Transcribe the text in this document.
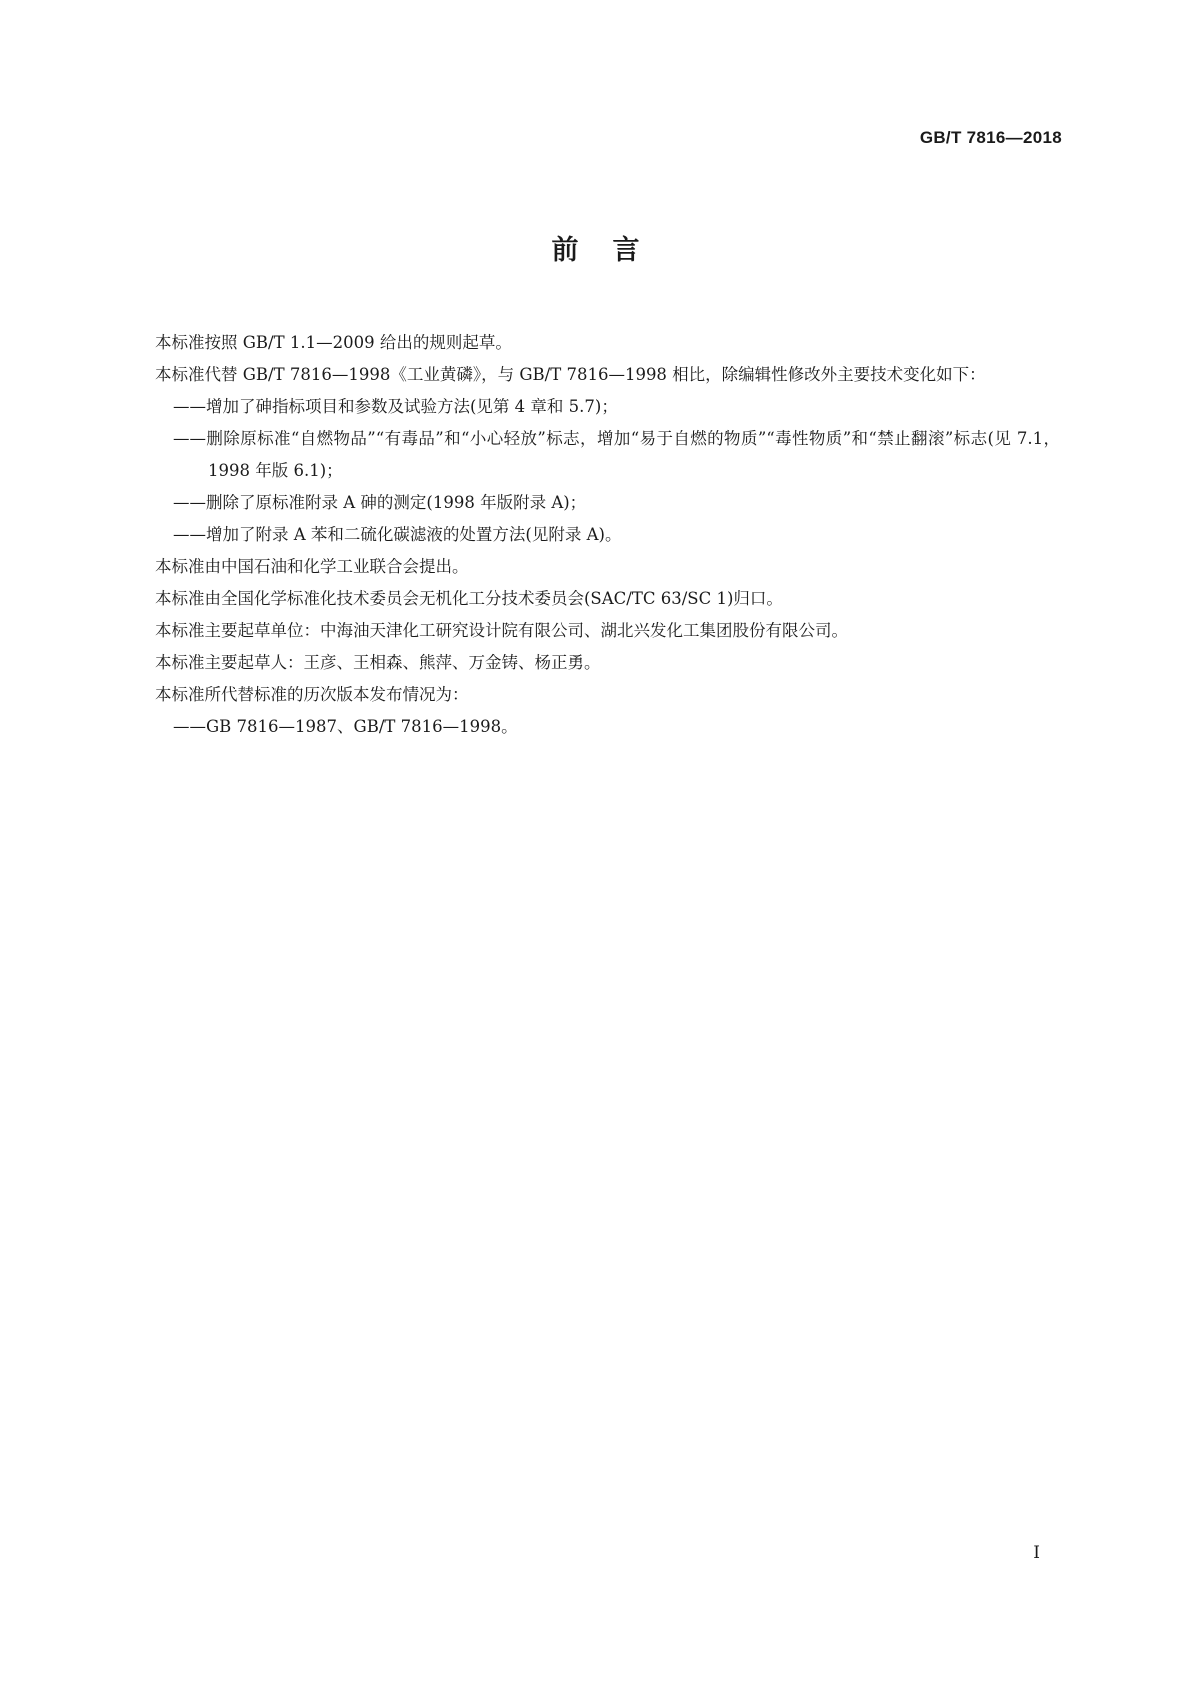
GB/T 7816—2018
前言

本标准按照 GB/T 1.1—2009 给出的规则起草。

本标准代替 GB/T 7816—1998《工业黄磷》，与 GB/T 7816—1998 相比，除编辑性修改外主要技术变化如下：

——增加了砷指标项目和参数及试验方法(见第 4 章和 5.7)；

——删除原标准“自燃物品”“有毒品”和“小心轻放”标志，增加“易于自燃的物质”“毒性物质”和“禁止翻滚”标志(见 7.1，1998 年版 6.1)；

——删除了原标准附录 A 砷的测定(1998 年版附录 A)；

——增加了附录 A 苯和二硫化碳滤液的处置方法(见附录 A)。

本标准由中国石油和化学工业联合会提出。

本标准由全国化学标准化技术委员会无机化工分技术委员会(SAC/TC 63/SC 1)归口。

本标准主要起草单位：中海油天津化工研究设计院有限公司、湖北兴发化工集团股份有限公司。

本标准主要起草人：王彦、王相森、熊萍、万金铸、杨正勇。

本标准所代替标准的历次版本发布情况为：

——GB 7816—1987、GB/T 7816—1998。

I
